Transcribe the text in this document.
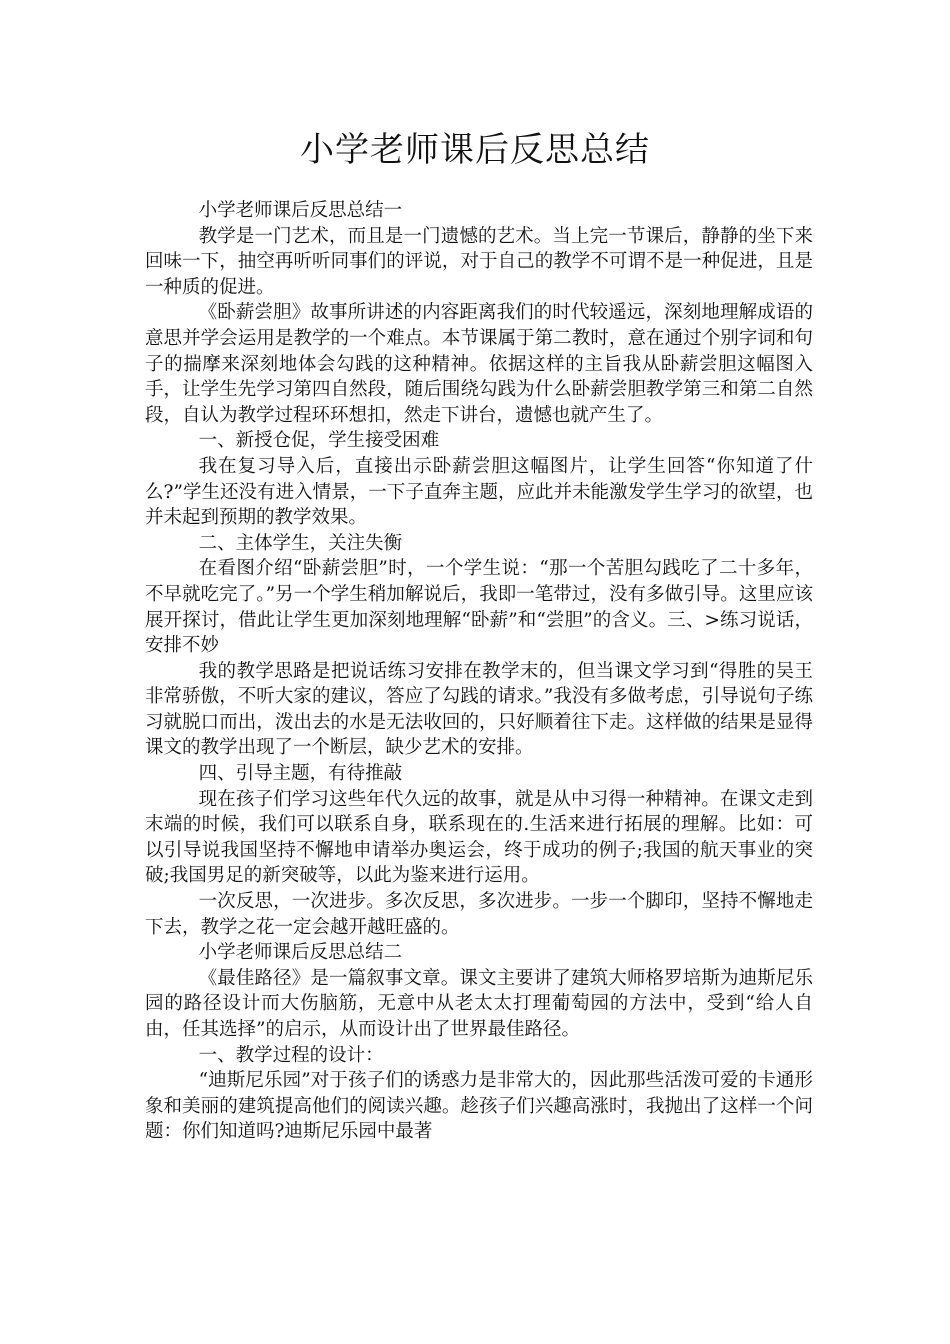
小学老师课后反思总结

小学老师课后反思总结一

教学是一门艺术，而且是一门遗憾的艺术。当上完一节课后，静静的坐下来回味一下，抽空再听听同事们的评说，对于自己的教学不可谓不是一种促进，且是一种质的促进。

《卧薪尝胆》故事所讲述的内容距离我们的时代较遥远，深刻地理解成语的意思并学会运用是教学的一个难点。本节课属于第二教时，意在通过个别字词和句子的揣摩来深刻地体会勾践的这种精神。依据这样的主旨我从卧薪尝胆这幅图入手，让学生先学习第四自然段，随后围绕勾践为什么卧薪尝胆教学第三和第二自然段，自认为教学过程环环想扣，然走下讲台，遗憾也就产生了。

一、新授仓促，学生接受困难

我在复习导入后，直接出示卧薪尝胆这幅图片，让学生回答“你知道了什么?”学生还没有进入情景，一下子直奔主题，应此并未能激发学生学习的欲望，也并未起到预期的教学效果。

二、主体学生，关注失衡

在看图介绍“卧薪尝胆”时，一个学生说：“那一个苦胆勾践吃了二十多年，不早就吃完了。”另一个学生稍加解说后，我即一笔带过，没有多做引导。这里应该展开探讨，借此让学生更加深刻地理解“卧薪”和“尝胆”的含义。三、>练习说话，安排不妙

我的教学思路是把说话练习安排在教学末的，但当课文学习到“得胜的吴王非常骄傲，不听大家的建议，答应了勾践的请求。”我没有多做考虑，引导说句子练习就脱口而出，泼出去的水是无法收回的，只好顺着往下走。这样做的结果是显得课文的教学出现了一个断层，缺少艺术的安排。

四、引导主题，有待推敲

现在孩子们学习这些年代久远的故事，就是从中习得一种精神。在课文走到末端的时候，我们可以联系自身，联系现在的.生活来进行拓展的理解。比如：可以引导说我国坚持不懈地申请举办奥运会，终于成功的例子;我国的航天事业的突破;我国男足的新突破等，以此为鉴来进行运用。

一次反思，一次进步。多次反思，多次进步。一步一个脚印，坚持不懈地走下去，教学之花一定会越开越旺盛的。

小学老师课后反思总结二

《最佳路径》是一篇叙事文章。课文主要讲了建筑大师格罗培斯为迪斯尼乐园的路径设计而大伤脑筋，无意中从老太太打理葡萄园的方法中，受到“给人自由，任其选择”的启示，从而设计出了世界最佳路径。

一、教学过程的设计：

“迪斯尼乐园”对于孩子们的诱惑力是非常大的，因此那些活泼可爱的卡通形象和美丽的建筑提高他们的阅读兴趣。趁孩子们兴趣高涨时，我抛出了这样一个问题：你们知道吗?迪斯尼乐园中最著
